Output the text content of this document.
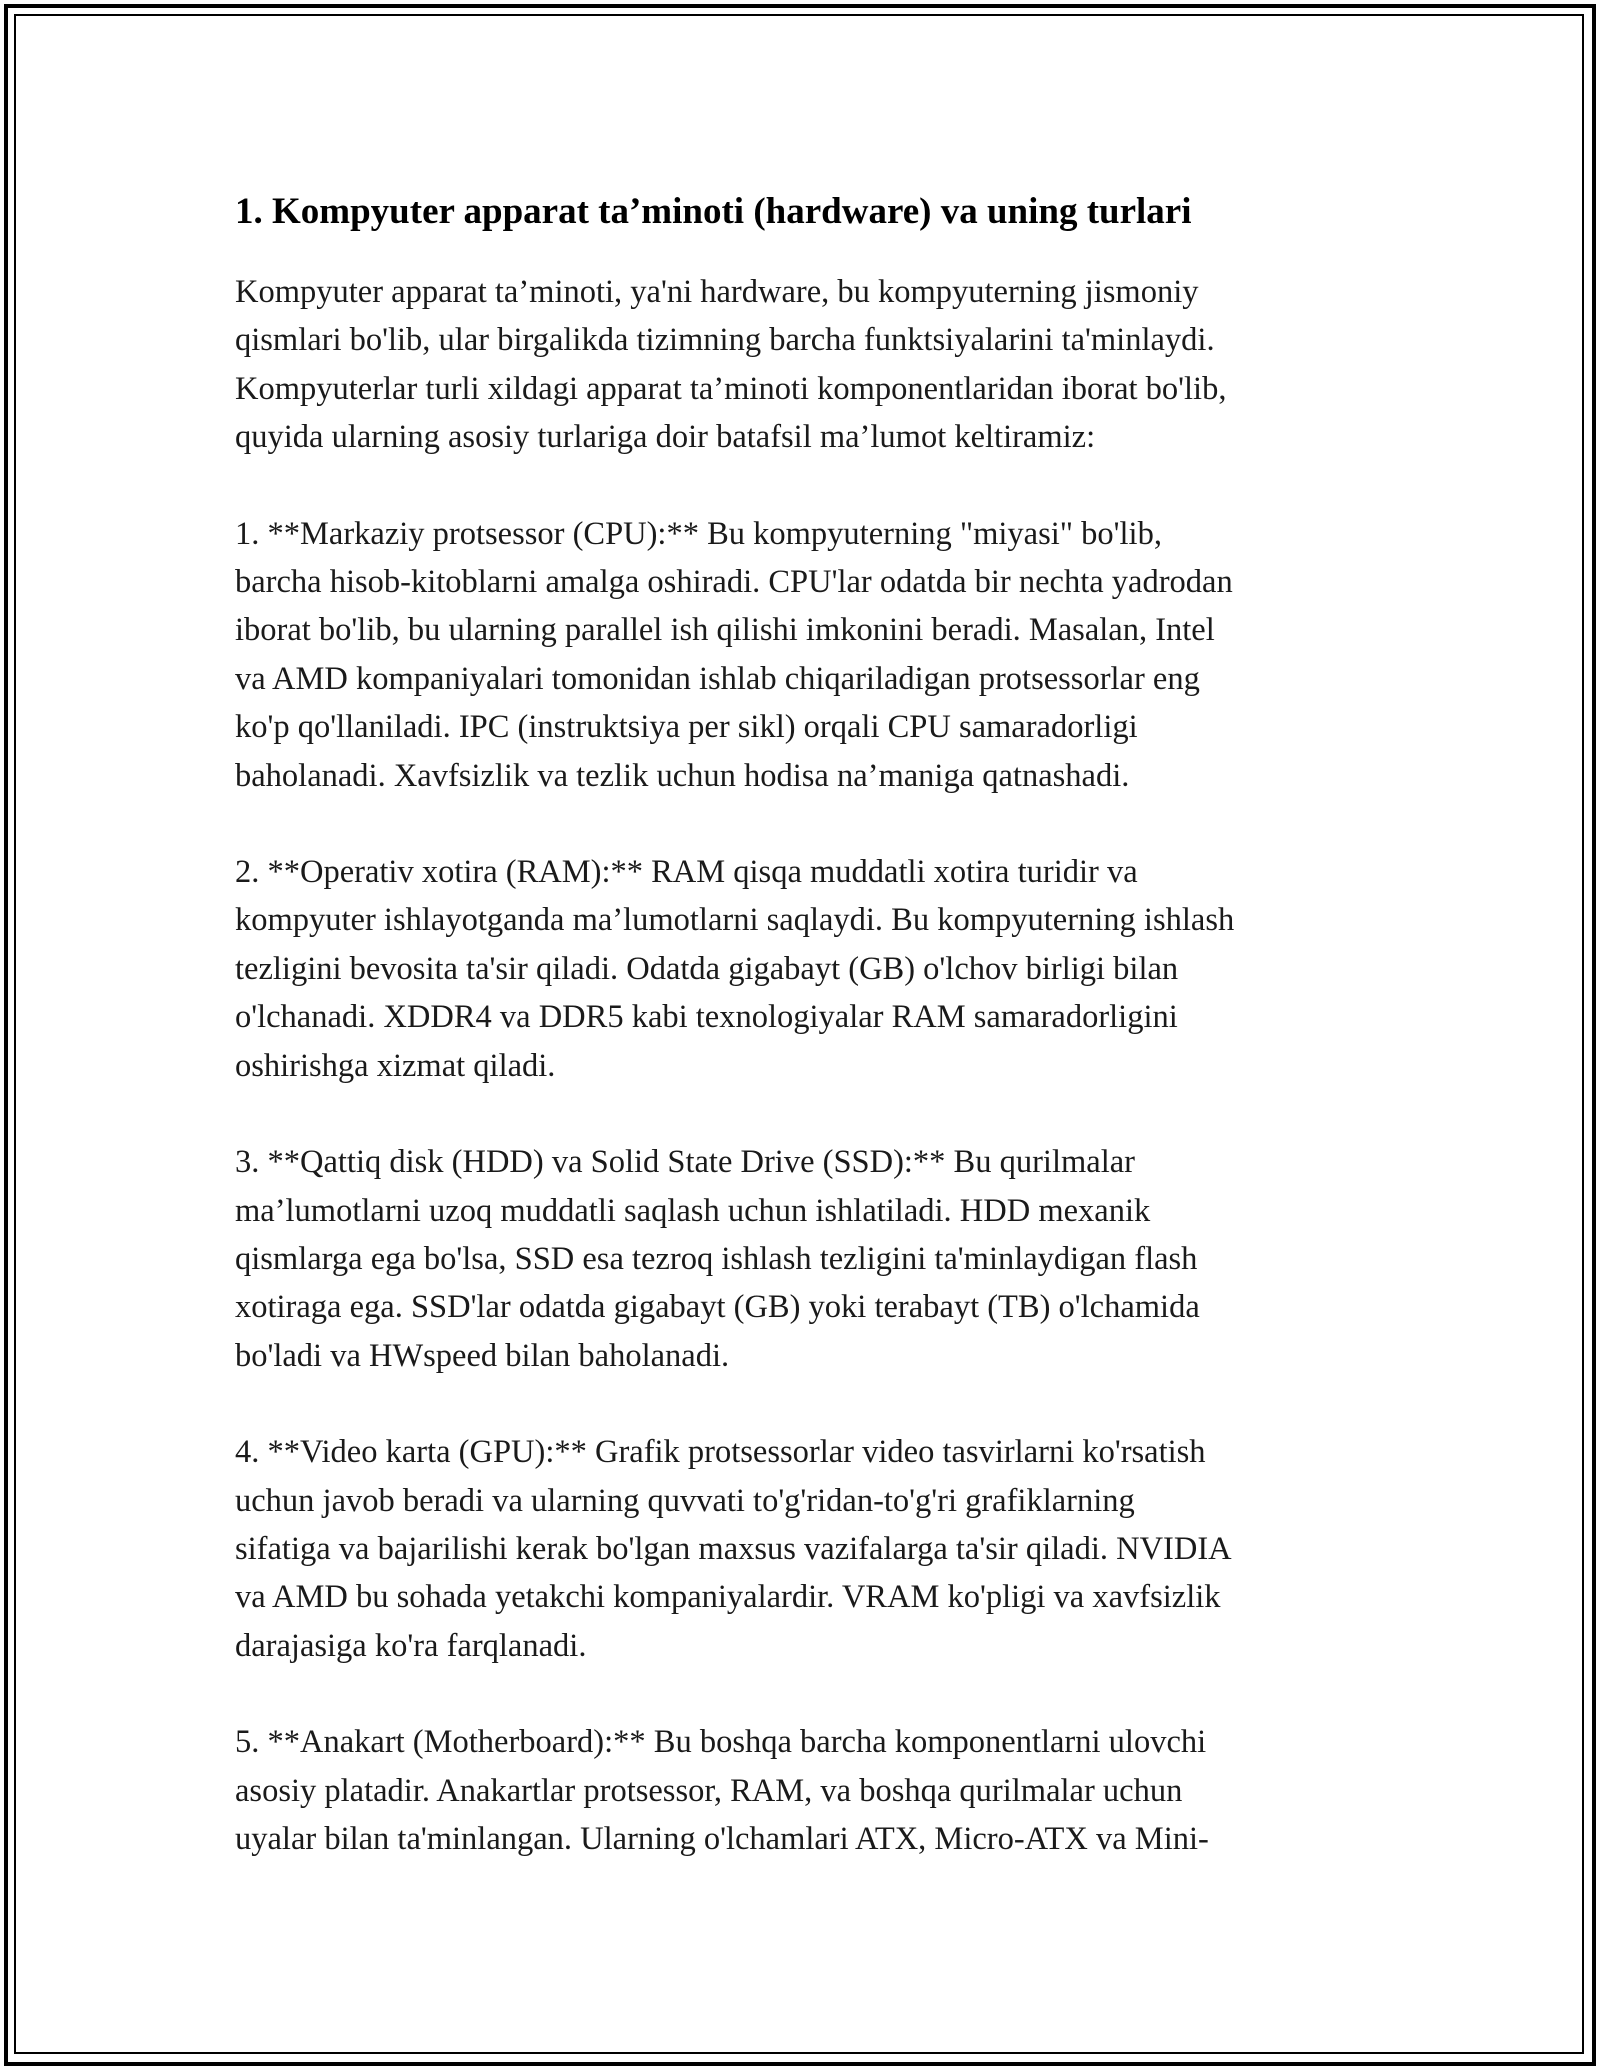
1. Kompyuter apparat ta’minoti (hardware) va uning turlari

Kompyuter apparat ta’minoti, ya'ni hardware, bu kompyuterning jismoniy
qismlari bo'lib, ular birgalikda tizimning barcha funktsiyalarini ta'minlaydi.
Kompyuterlar turli xildagi apparat ta’minoti komponentlaridan iborat bo'lib,
quyida ularning asosiy turlariga doir batafsil ma’lumot keltiramiz:

1. **Markaziy protsessor (CPU):** Bu kompyuterning "miyasi" bo'lib,
barcha hisob-kitoblarni amalga oshiradi. CPU'lar odatda bir nechta yadrodan
iborat bo'lib, bu ularning parallel ish qilishi imkonini beradi. Masalan, Intel
va AMD kompaniyalari tomonidan ishlab chiqariladigan protsessorlar eng
ko'p qo'llaniladi. IPC (instruktsiya per sikl) orqali CPU samaradorligi
baholanadi. Xavfsizlik va tezlik uchun hodisa na’maniga qatnashadi.

2. **Operativ xotira (RAM):** RAM qisqa muddatli xotira turidir va
kompyuter ishlayotganda ma’lumotlarni saqlaydi. Bu kompyuterning ishlash
tezligini bevosita ta'sir qiladi. Odatda gigabayt (GB) o'lchov birligi bilan
o'lchanadi. XDDR4 va DDR5 kabi texnologiyalar RAM samaradorligini
oshirishga xizmat qiladi.

3. **Qattiq disk (HDD) va Solid State Drive (SSD):** Bu qurilmalar
ma’lumotlarni uzoq muddatli saqlash uchun ishlatiladi. HDD mexanik
qismlarga ega bo'lsa, SSD esa tezroq ishlash tezligini ta'minlaydigan flash
xotiraga ega. SSD'lar odatda gigabayt (GB) yoki terabayt (TB) o'lchamida
bo'ladi va HWspeed bilan baholanadi.

4. **Video karta (GPU):** Grafik protsessorlar video tasvirlarni ko'rsatish
uchun javob beradi va ularning quvvati to'g'ridan-to'g'ri grafiklarning
sifatiga va bajarilishi kerak bo'lgan maxsus vazifalarga ta'sir qiladi. NVIDIA
va AMD bu sohada yetakchi kompaniyalardir. VRAM ko'pligi va xavfsizlik
darajasiga ko'ra farqlanadi.

5. **Anakart (Motherboard):** Bu boshqa barcha komponentlarni ulovchi
asosiy platadir. Anakartlar protsessor, RAM, va boshqa qurilmalar uchun
uyalar bilan ta'minlangan. Ularning o'lchamlari ATX, Micro-ATX va Mini-
